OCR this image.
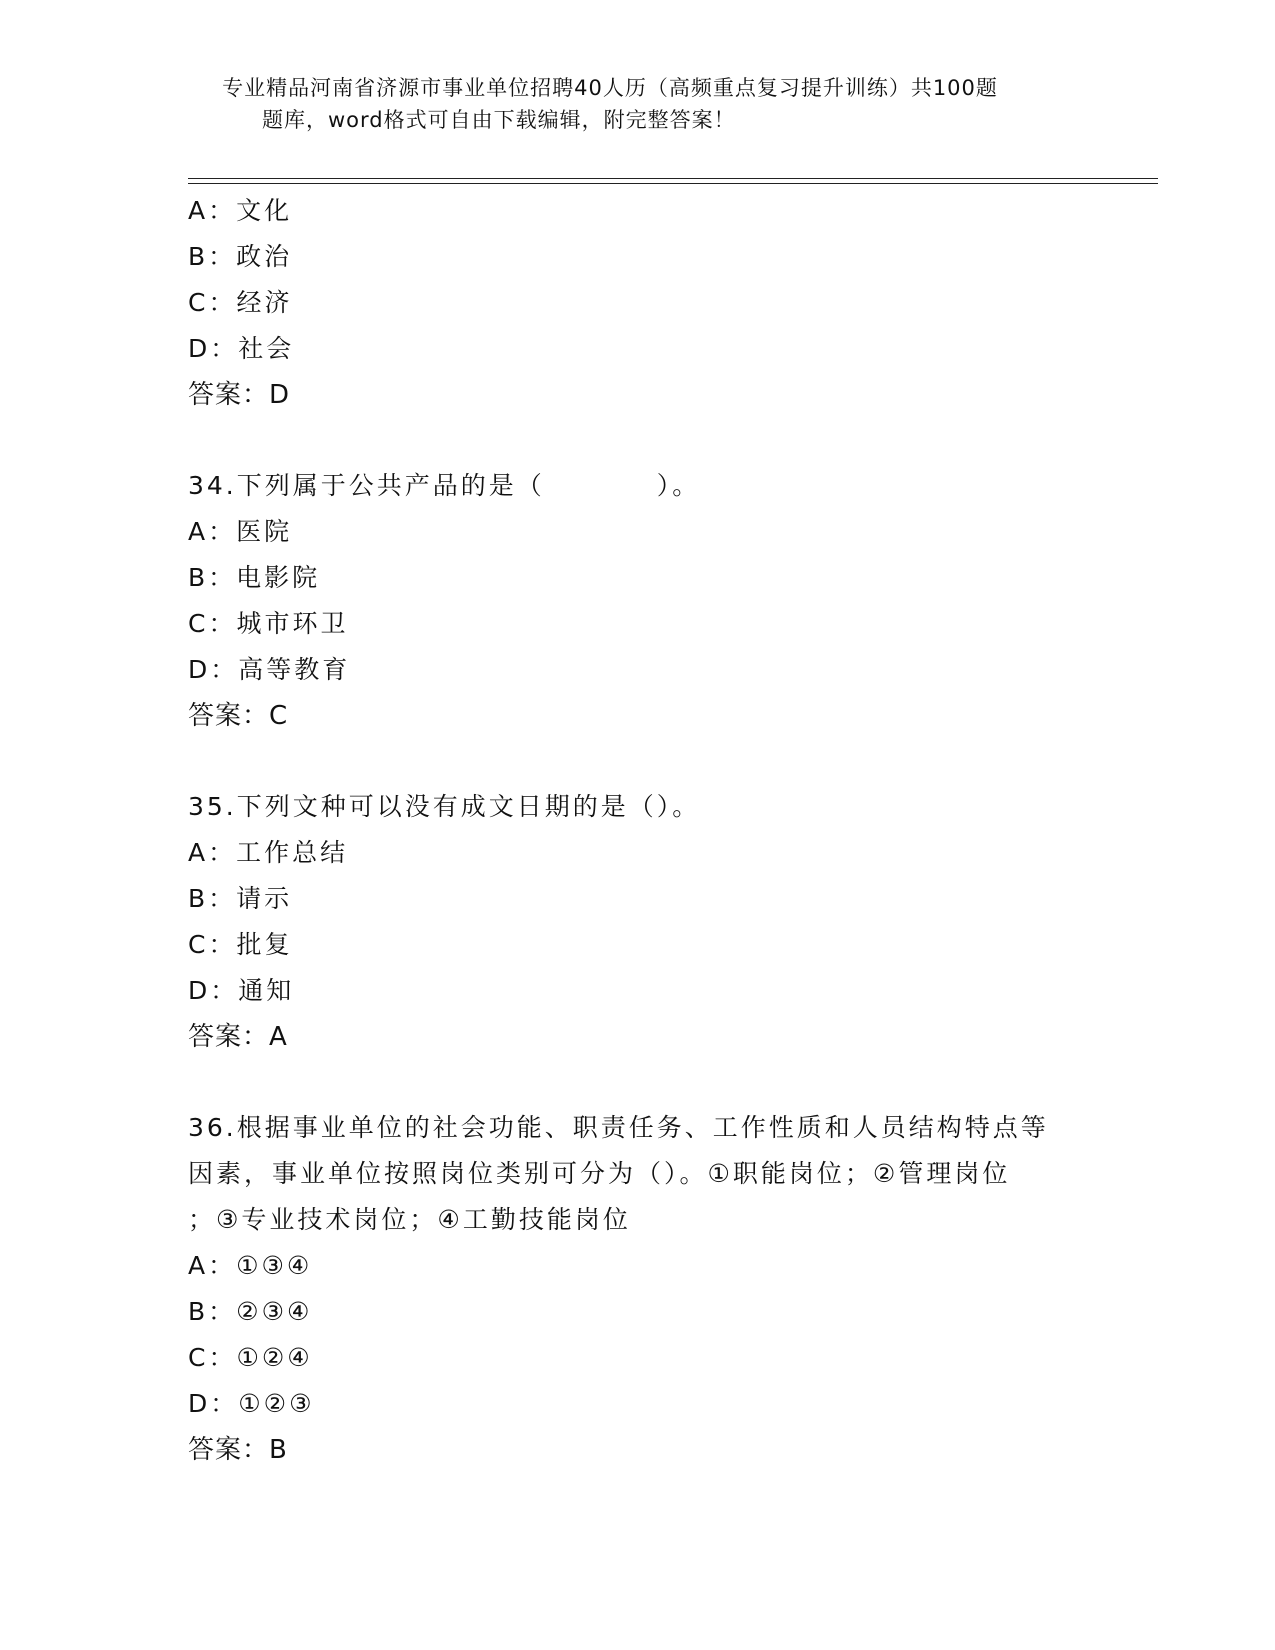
专业精品河南省济源市事业单位招聘40人历（高频重点复习提升训练）共100题

题库，word格式可自由下载编辑，附完整答案！
A：文化
B：政治
C：经济
D：社会
答案：D
34.下列属于公共产品的是（　　　　）。
A：医院
B：电影院
C：城市环卫
D：高等教育
答案：C
35.下列文种可以没有成文日期的是（）。
A：工作总结
B：请示
C：批复
D：通知
答案：A
36.根据事业单位的社会功能、职责任务、工作性质和人员结构特点等
因素，事业单位按照岗位类别可分为（）。①职能岗位；②管理岗位
；③专业技术岗位；④工勤技能岗位
A：①③④
B：②③④
C：①②④
D：①②③
答案：B
